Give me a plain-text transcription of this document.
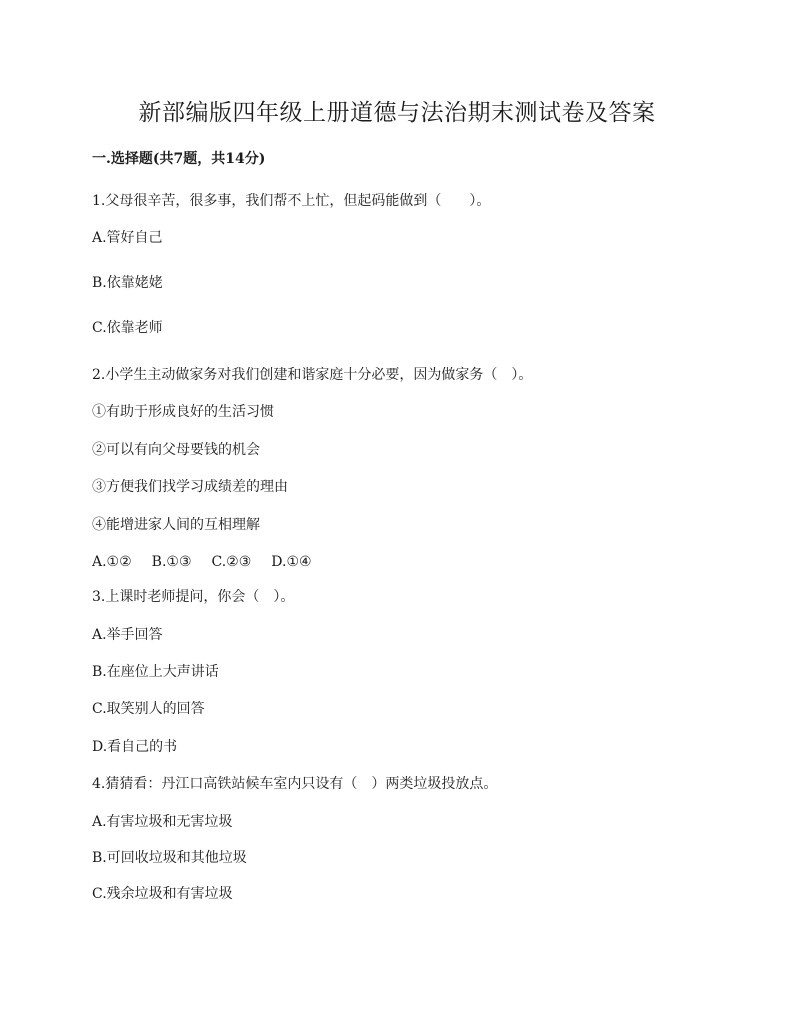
新部编版四年级上册道德与法治期末测试卷及答案
一.选择题(共7题，共14分)
1.父母很辛苦，很多事，我们帮不上忙，但起码能做到（　　）。
A.管好自己
B.依靠姥姥
C.依靠老师
2.小学生主动做家务对我们创建和谐家庭十分必要，因为做家务（　）。
①有助于形成良好的生活习惯
②可以有向父母要钱的机会
③方便我们找学习成绩差的理由
④能增进家人间的互相理解
A.①② B.①③ C.②③ D.①④
3.上课时老师提问，你会（　）。
A.举手回答
B.在座位上大声讲话
C.取笑别人的回答
D.看自己的书
4.猜猜看：丹江口高铁站候车室内只设有（　）两类垃圾投放点。
A.有害垃圾和无害垃圾
B.可回收垃圾和其他垃圾
C.残余垃圾和有害垃圾
